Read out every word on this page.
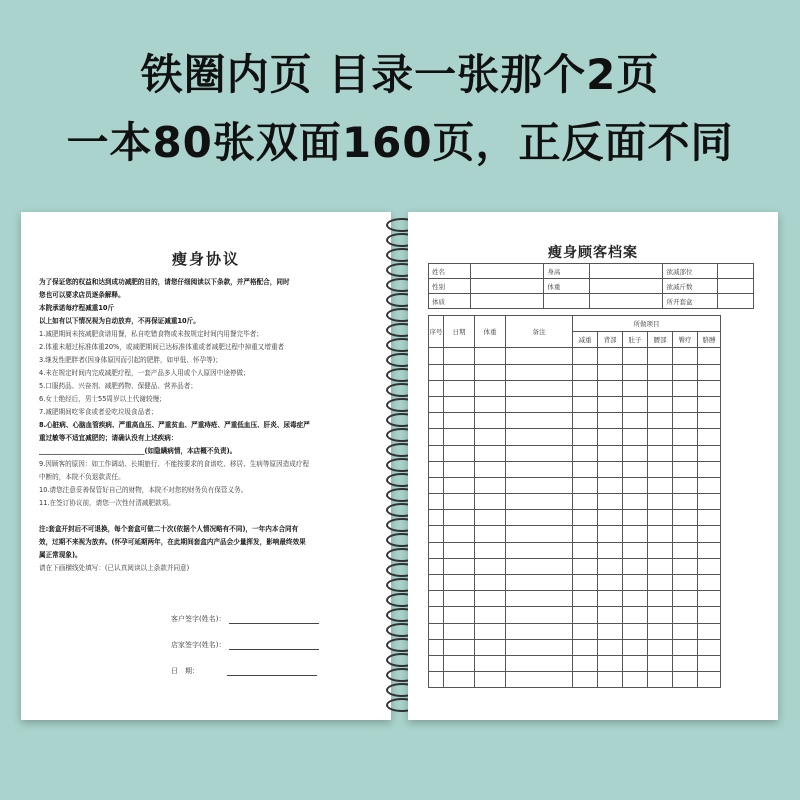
铁圈内页 目录一张那个2页
一本80张双面160页，正反面不同
瘦身协议

为了保证您的权益和达到成功减肥的目的，请您仔细阅读以下条款，并严格配合，同时

您也可以要求店员逐条解释。

本院承诺每疗程减重10斤

以上如有以下情况视为自动放弃，不再保证减重10斤。

1.减肥期间未按减肥食谱用餐，私自吃错食物或未按规定时间内用餐完毕者；

2.体重未超过标准体重20%，或减肥期间已达标准体重或者减肥过程中掉重又增重者

3.继发性肥胖者(因身体原因而引起的肥胖，如甲低、怀孕等)；

4.未在规定时间内完成减肥疗程，一套产品多人用或个人原因中途停做；

5.口服药品、兴奋剂、减肥药物、保健品、营养品者；

6.女士绝经后，男士55周岁以上代谢较慢；

7.减肥期间吃零食或者爱吃垃圾食品者；

8.心脏病、心脑血管疾病、严重高血压、严重贫血、严重痔疮、严重低血压、肝炎、尿毒症严

重过敏等不适宜减肥的；请确认没有上述疾病：

________________________________(如隐瞒病情，本店概不负责)。

9.因顾客的原因：如工作调动、长期旅行、不能按要求的食谱吃、移居、生病等原因造成疗程

中断的，本院不负退款责任。

10.请您注意妥善保管好自己的财物，本院不对您的财务负有保管义务。

11.在签订协议前，请您一次性付清减肥款项。

注:套盒开封后不可退换，每个套盒可做二十次(依据个人情况略有不同)，一年内本合同有

效，过期不来视为放弃。(怀孕可延期两年，在此期间套盒内产品会少量挥发，影响最终效果

属正常现象)。

请在下画横线处填写：(已认真阅读以上条款并同意)

客户签字(姓名)：
店家签字(姓名)：
日　期：
瘦身顾客档案
姓名		身高		欲减部位	
性别		体重		欲减斤数	
体质				所开套盒	
序号	日期	体重	备注	所做项目					
				减重	背部	肚子	腰部	臀疗	胳膊
